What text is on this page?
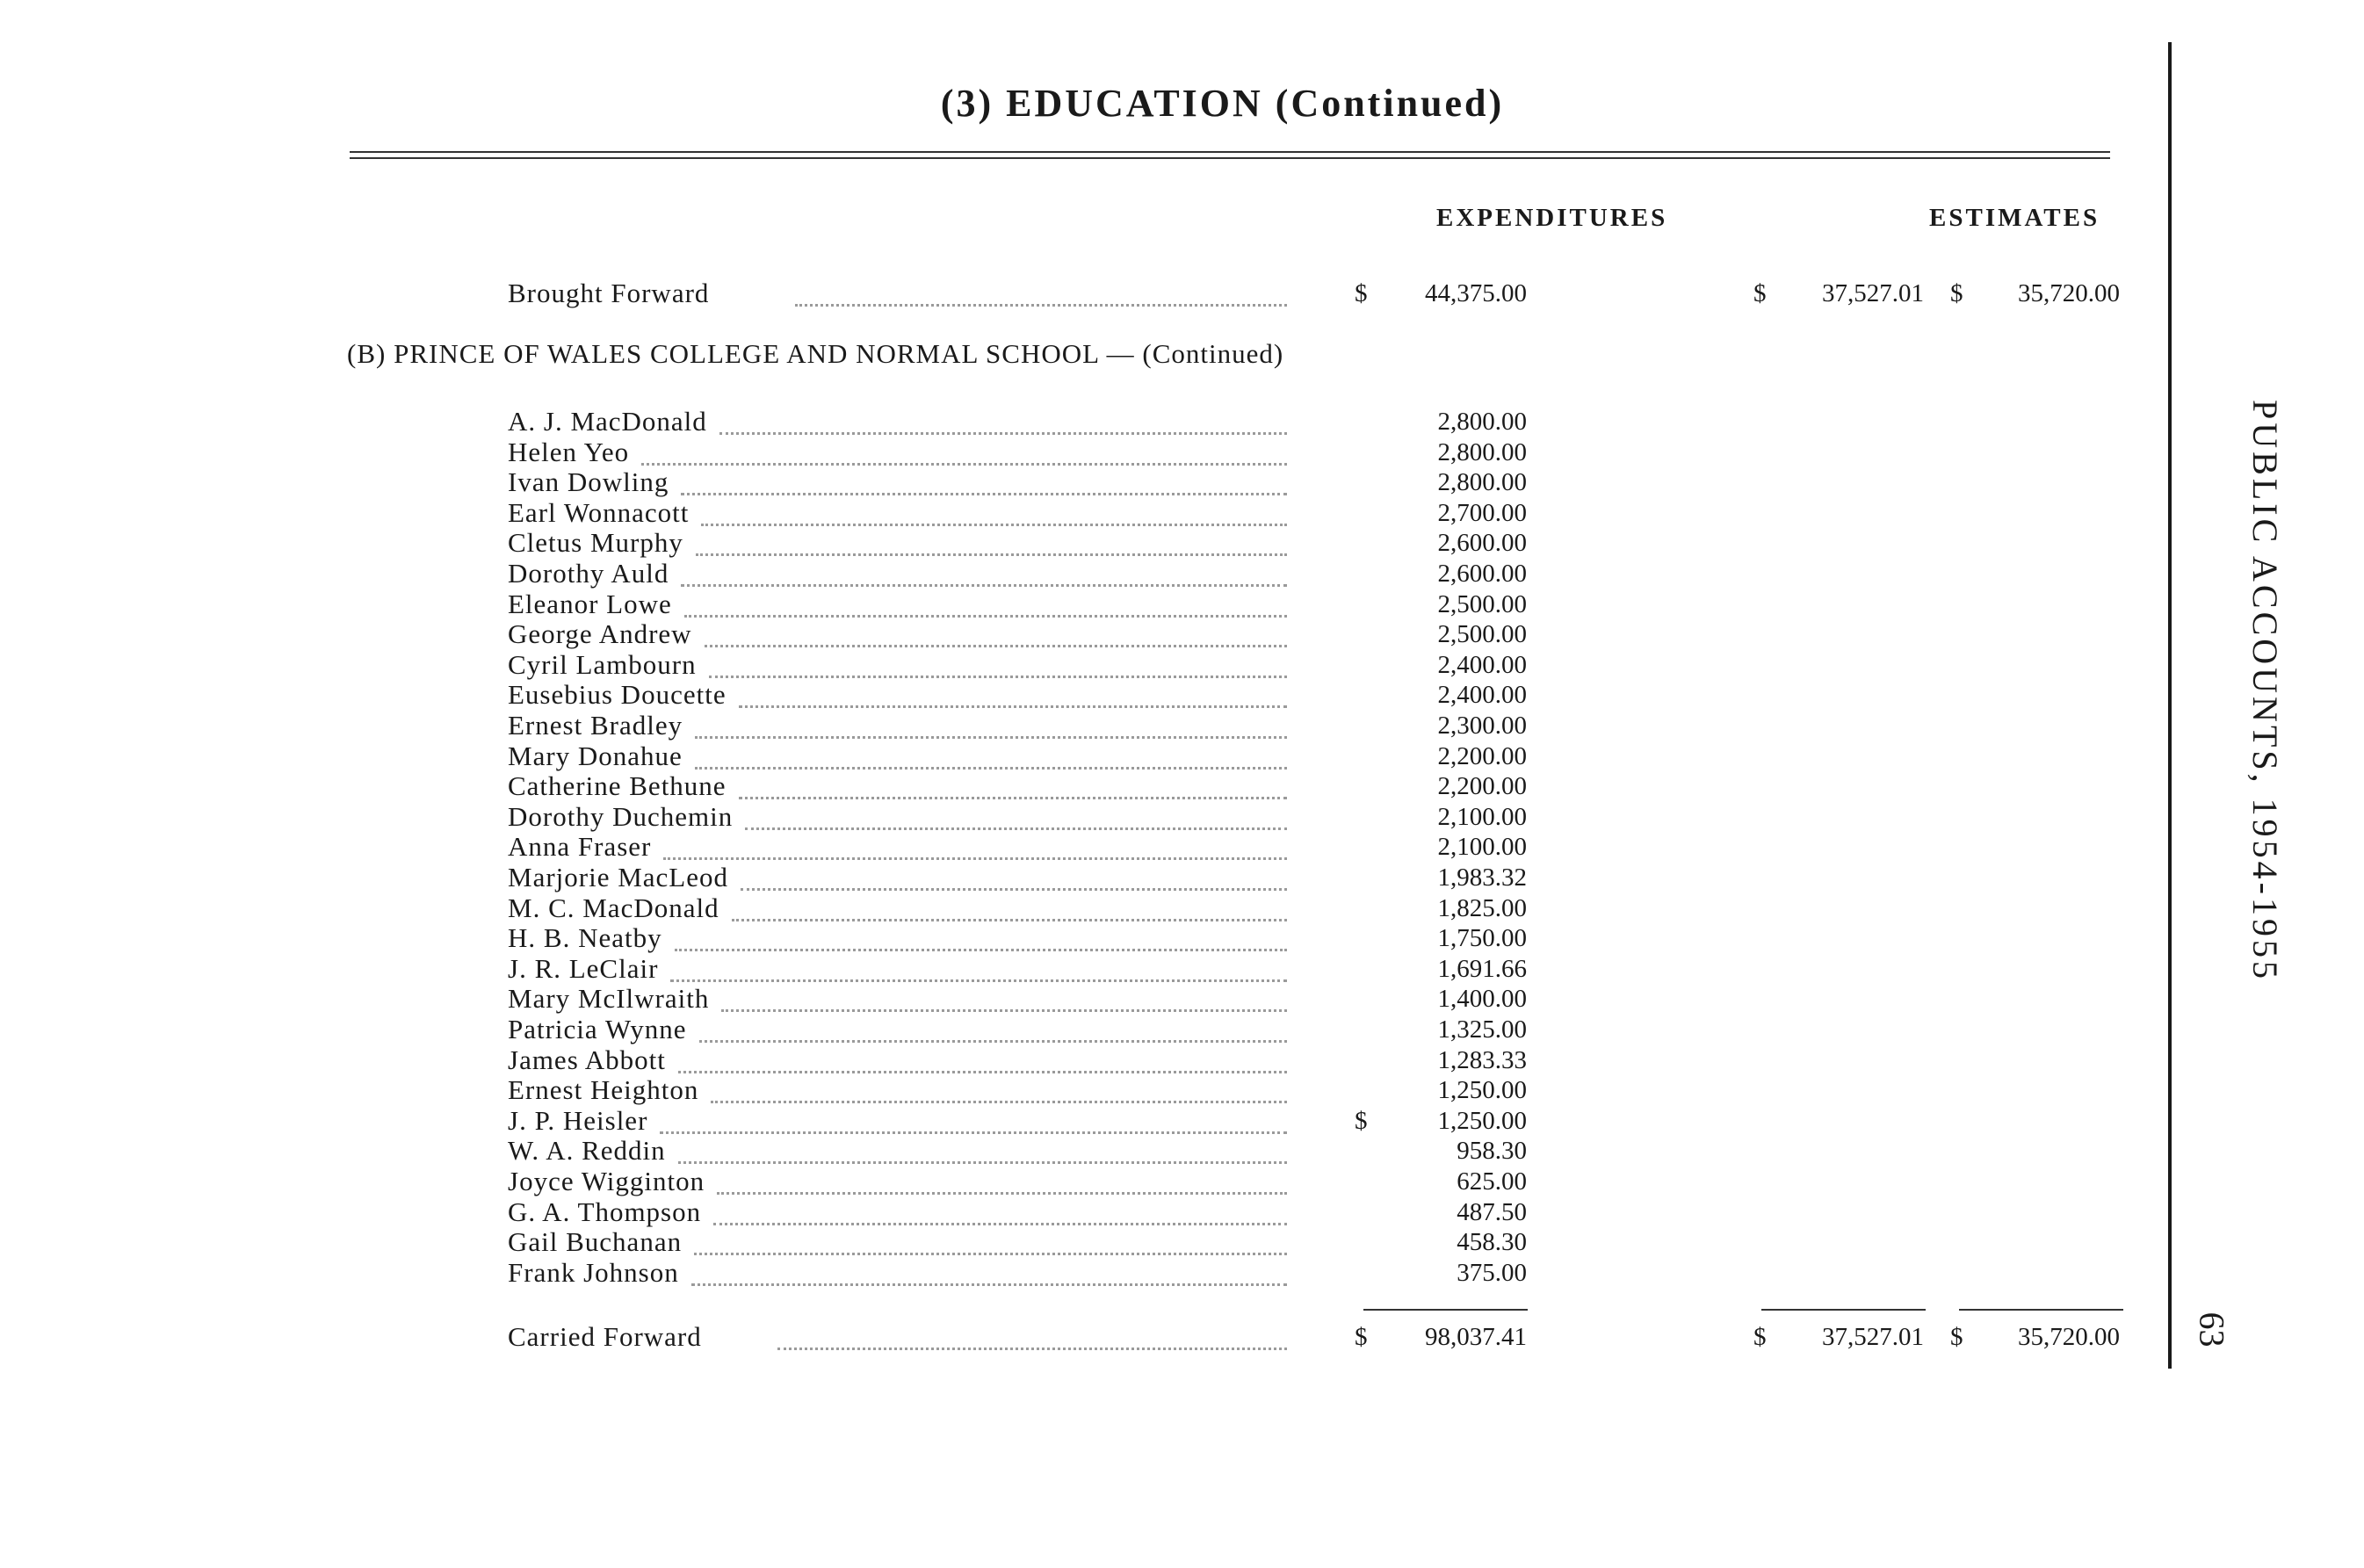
(3) EDUCATION (Continued)
EXPENDITURES	ESTIMATES
Brought Forward	$	44,375.00	$	37,527.01 $	35,720.00
(B) PRINCE OF WALES COLLEGE AND NORMAL SCHOOL — (Continued)
A. J. MacDonald	2,800.00
Helen Yeo	2,800.00
Ivan Dowling	2,800.00
Earl Wonnacott	2,700.00
Cletus Murphy	2,600.00
Dorothy Auld	2,600.00
Eleanor Lowe	2,500.00
George Andrew	2,500.00
Cyril Lambourn	2,400.00
Eusebius Doucette	2,400.00
Ernest Bradley	2,300.00
Mary Donahue	2,200.00
Catherine Bethune	2,200.00
Dorothy Duchemin	2,100.00
Anna Fraser	2,100.00
Marjorie MacLeod	1,983.32
M. C. MacDonald	1,825.00
H. B. Neatby	1,750.00
J. R. LeClair	1,691.66
Mary McIlwraith	1,400.00
Patricia Wynne	1,325.00
James Abbott	1,283.33
Ernest Heighton	1,250.00
J. P. Heisler	$	1,250.00
W. A. Reddin	958.30
Joyce Wigginton	625.00
G. A. Thompson	487.50
Gail Buchanan	458.30
Frank Johnson	375.00
Carried Forward	$	98,037.41	$	37,527.01 $	35,720.00
PUBLIC ACCOUNTS, 1954-1955
63
